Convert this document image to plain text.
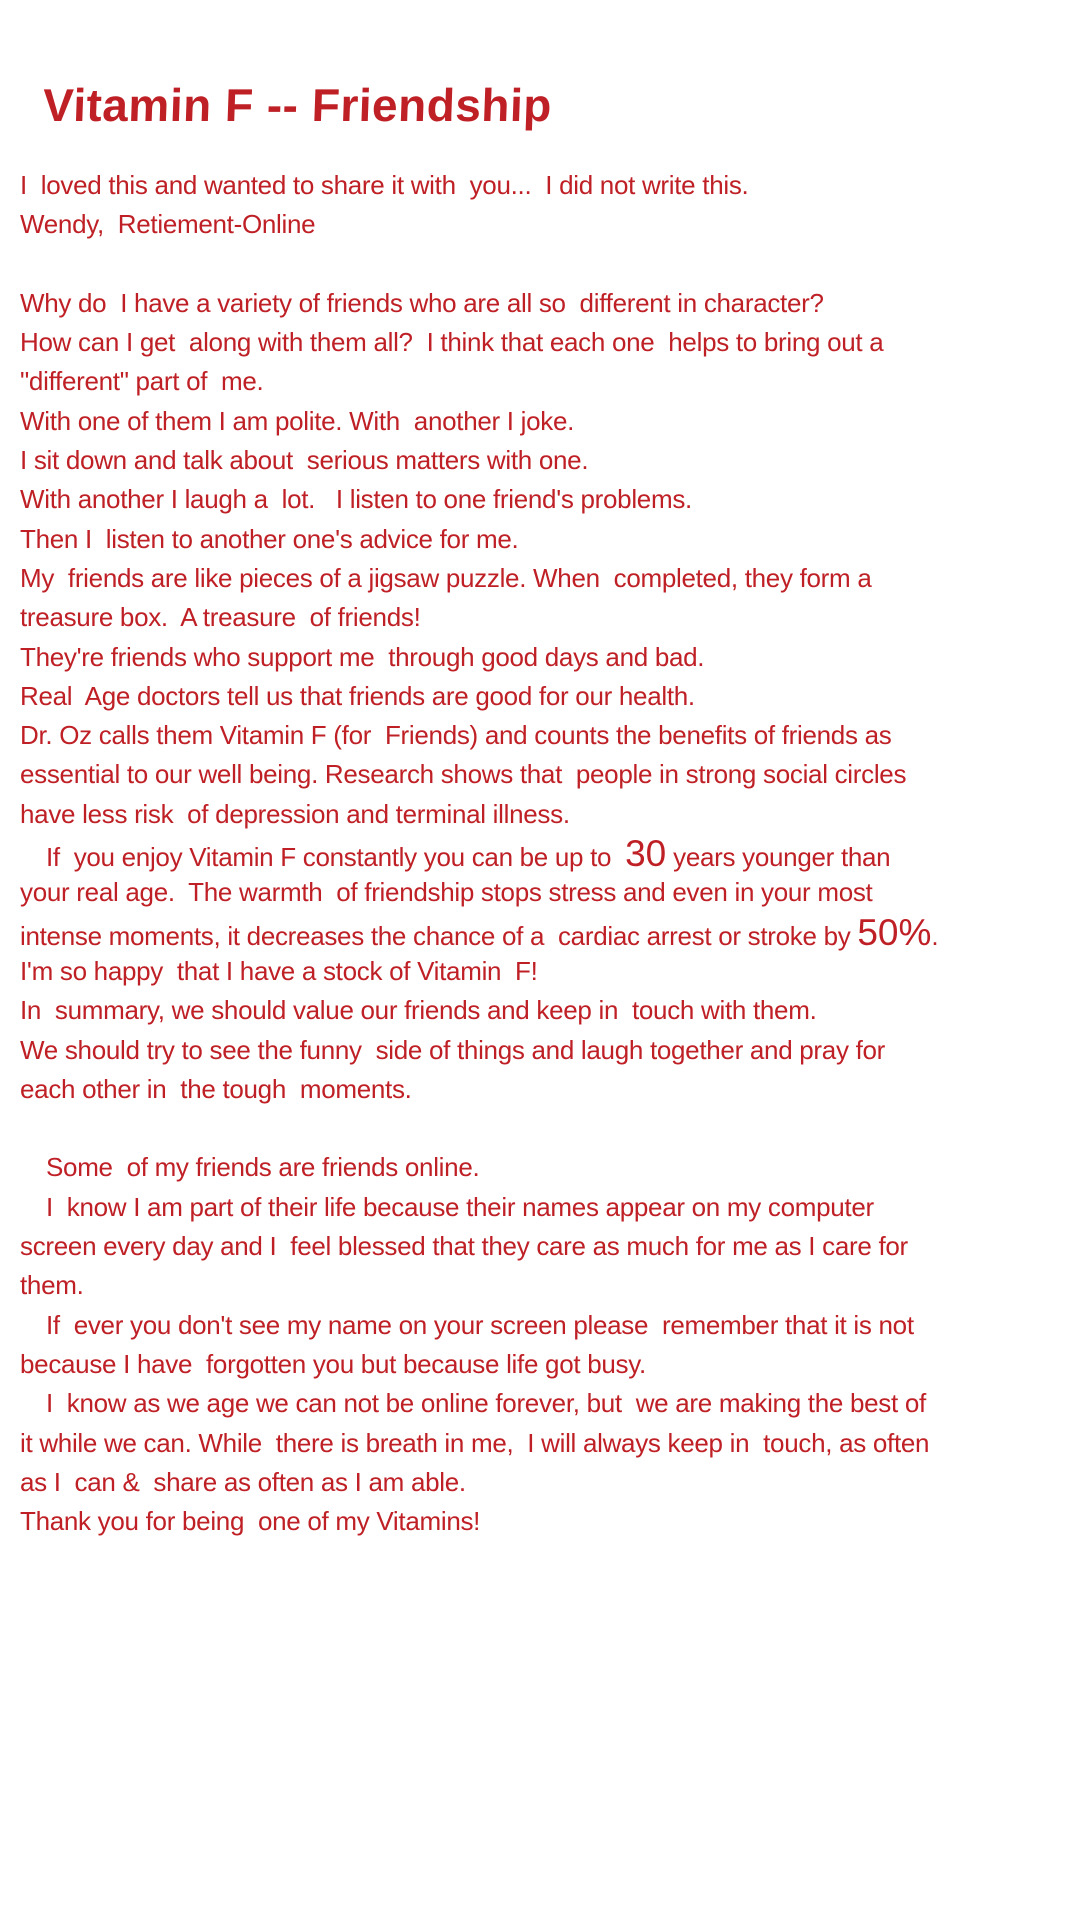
Vitamin F -- Friendship
I  loved this and wanted to share it with  you...  I did not write this.
Wendy,  Retiement-Online
Why do  I have a variety of friends who are all so  different in character?
How can I get  along with them all?  I think that each one  helps to bring out a
"different" part of  me.
With one of them I am polite. With  another I joke.
I sit down and talk about  serious matters with one.
With another I laugh a  lot.   I listen to one friend's problems.
Then I  listen to another one's advice for me.
My  friends are like pieces of a jigsaw puzzle. When  completed, they form a
treasure box.  A treasure  of friends!
They're friends who support me  through good days and bad.
Real  Age doctors tell us that friends are good for our health.
Dr. Oz calls them Vitamin F (for  Friends) and counts the benefits of friends as
essential to our well being. Research shows that  people in strong social circles
have less risk  of depression and terminal illness.
If  you enjoy Vitamin F constantly you can be up to  30 years younger than
your real age.  The warmth  of friendship stops stress and even in your most
intense moments, it decreases the chance of a  cardiac arrest or stroke by 50%.
I'm so happy  that I have a stock of Vitamin  F!
In  summary, we should value our friends and keep in  touch with them.
We should try to see the funny  side of things and laugh together and pray for
each other in  the tough  moments.
Some  of my friends are friends online.
I  know I am part of their life because their names appear on my computer
screen every day and I  feel blessed that they care as much for me as I care for
them.
If  ever you don't see my name on your screen please  remember that it is not
because I have  forgotten you but because life got busy.
I  know as we age we can not be online forever, but  we are making the best of
it while we can. While  there is breath in me,  I will always keep in  touch, as often
as I  can &  share as often as I am able.
Thank you for being  one of my Vitamins!
